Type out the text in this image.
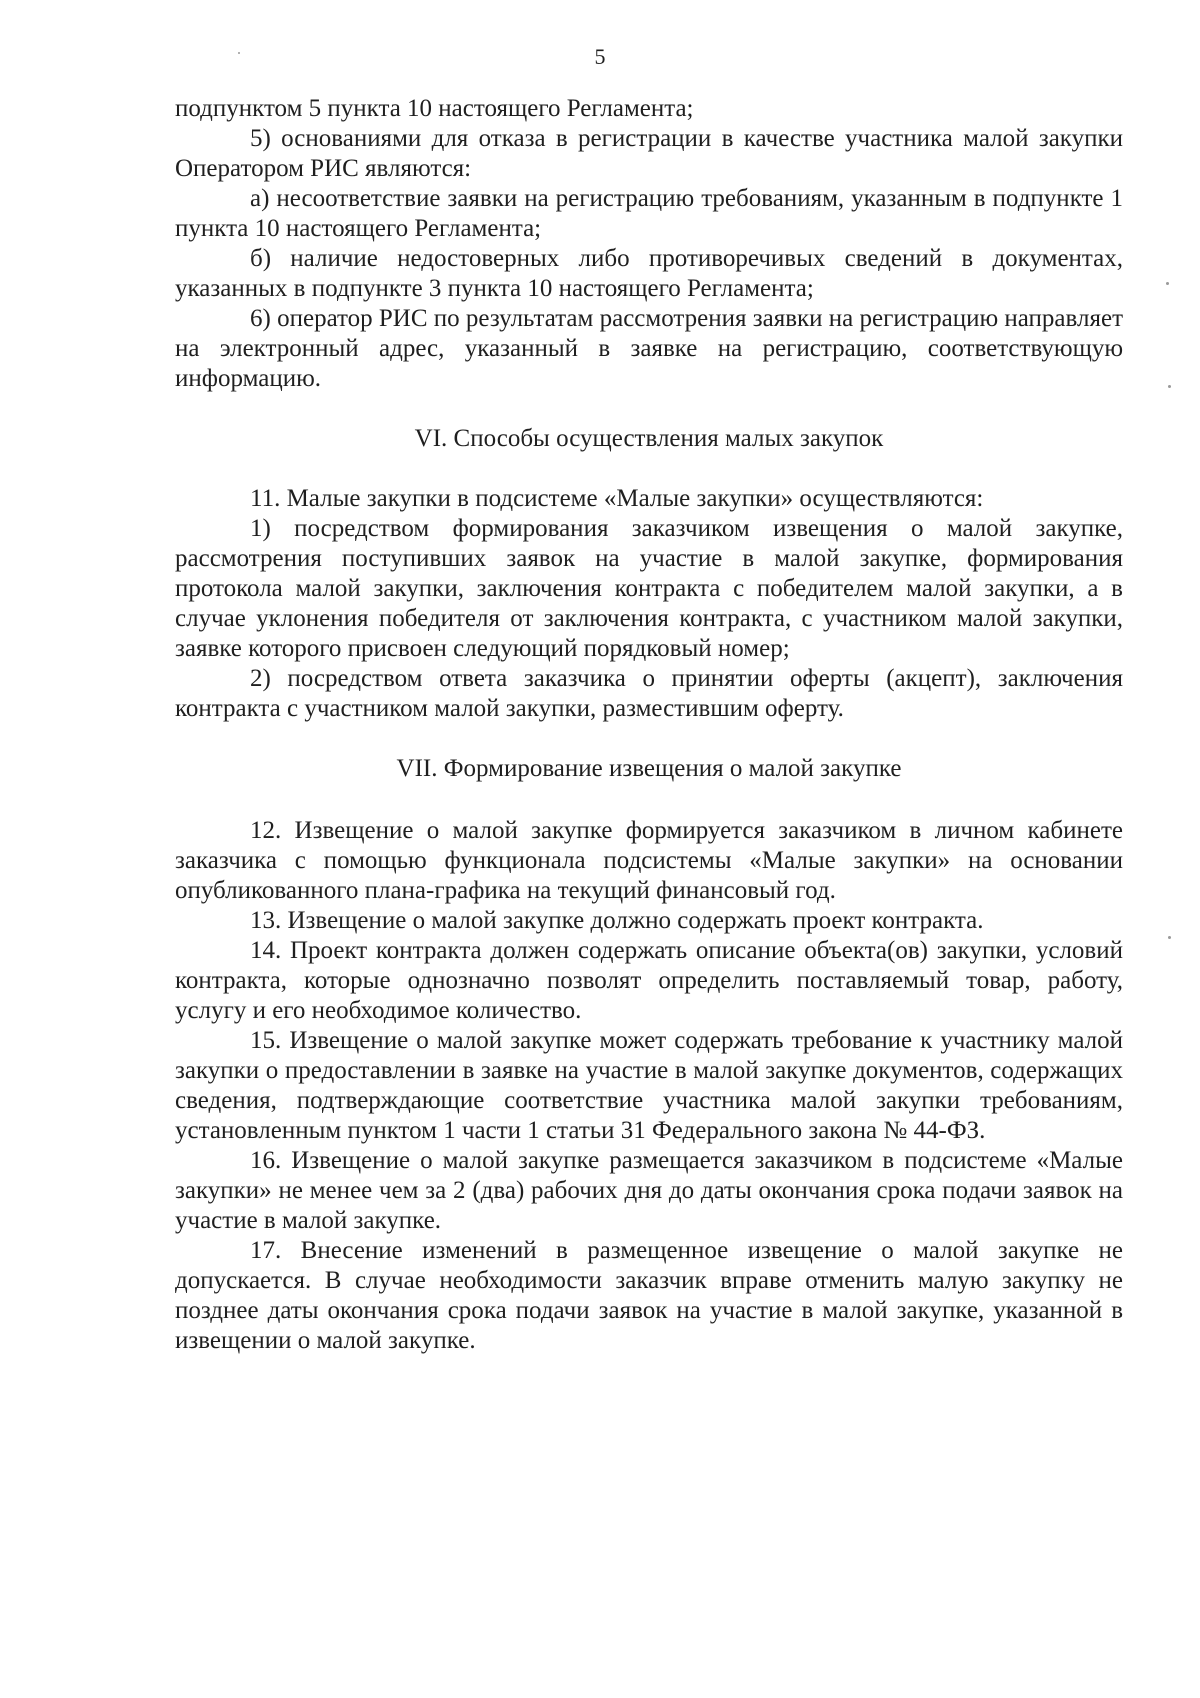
5

подпунктом 5 пункта 10 настоящего Регламента;

5) основаниями для отказа в регистрации в качестве участника малой закупки Оператором РИС являются:

а) несоответствие заявки на регистрацию требованиям, указанным в подпункте 1 пункта 10 настоящего Регламента;

б) наличие недостоверных либо противоречивых сведений в документах, указанных в подпункте 3 пункта 10 настоящего Регламента;

6) оператор РИС по результатам рассмотрения заявки на регистрацию направляет на электронный адрес, указанный в заявке на регистрацию, соответствующую информацию.

VI. Способы осуществления малых закупок

11. Малые закупки в подсистеме «Малые закупки» осуществляются:

1) посредством формирования заказчиком извещения о малой закупке, рассмотрения поступивших заявок на участие в малой закупке, формирования протокола малой закупки, заключения контракта с победителем малой закупки, а в случае уклонения победителя от заключения контракта, с участником малой закупки, заявке которого присвоен следующий порядковый номер;

2) посредством ответа заказчика о принятии оферты (акцепт), заключения контракта с участником малой закупки, разместившим оферту.

VII. Формирование извещения о малой закупке

12. Извещение о малой закупке формируется заказчиком в личном кабинете заказчика с помощью функционала подсистемы «Малые закупки» на основании опубликованного плана-графика на текущий финансовый год.

13. Извещение о малой закупке должно содержать проект контракта.

14. Проект контракта должен содержать описание объекта(ов) закупки, условий контракта, которые однозначно позволят определить поставляемый товар, работу, услугу и его необходимое количество.

15. Извещение о малой закупке может содержать требование к участнику малой закупки о предоставлении в заявке на участие в малой закупке документов, содержащих сведения, подтверждающие соответствие участника малой закупки требованиям, установленным пунктом 1 части 1 статьи 31 Федерального закона № 44-ФЗ.

16. Извещение о малой закупке размещается заказчиком в подсистеме «Малые закупки» не менее чем за 2 (два) рабочих дня до даты окончания срока подачи заявок на участие в малой закупке.

17. Внесение изменений в размещенное извещение о малой закупке не допускается. В случае необходимости заказчик вправе отменить малую закупку не позднее даты окончания срока подачи заявок на участие в малой закупке, указанной в извещении о малой закупке.
